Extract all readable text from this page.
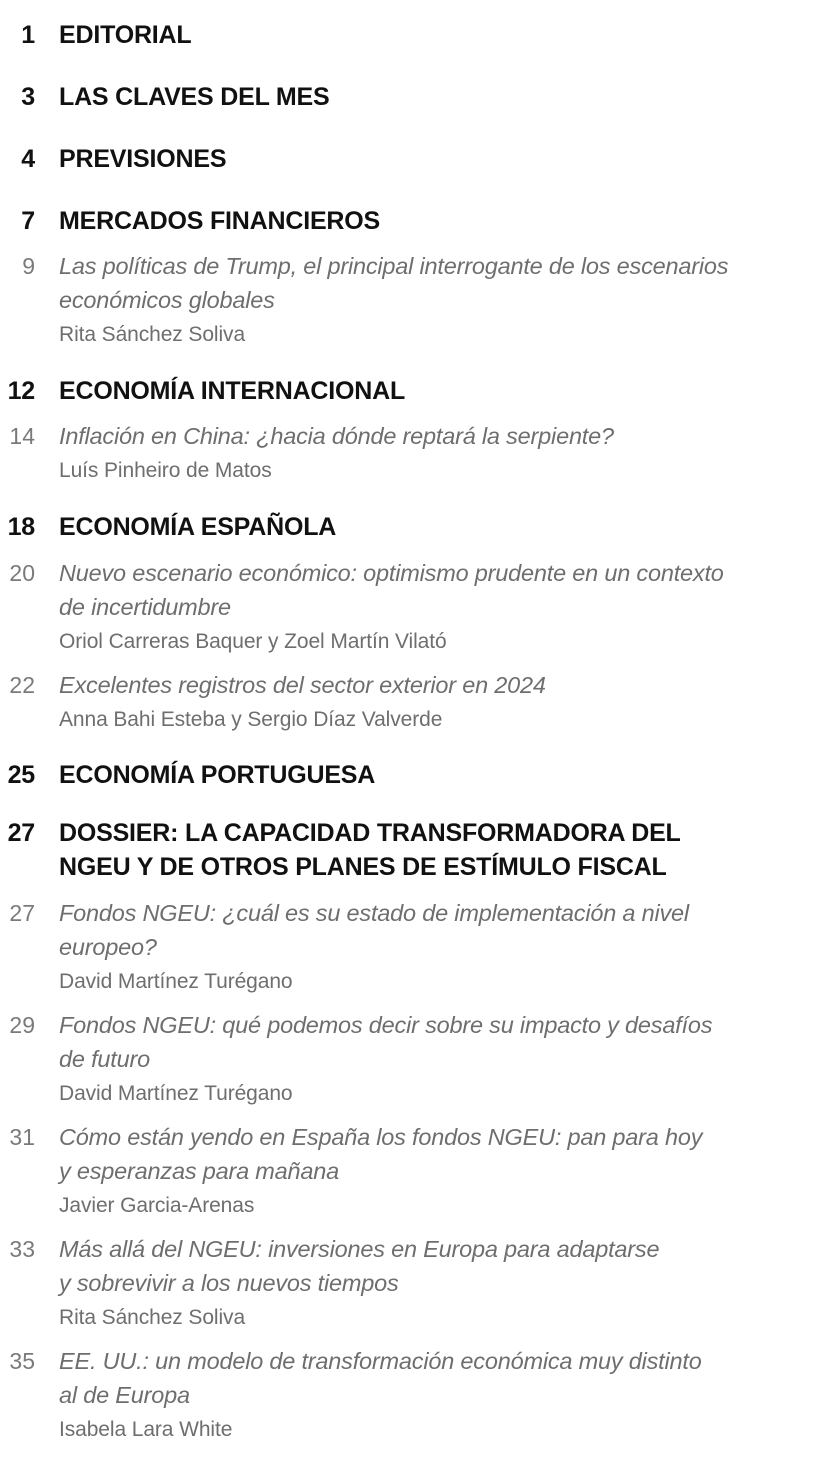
1 EDITORIAL
3 LAS CLAVES DEL MES
4 PREVISIONES
7 MERCADOS FINANCIEROS
9 Las políticas de Trump, el principal interrogante de los escenarios
económicos globales
Rita Sánchez Soliva
12 ECONOMÍA INTERNACIONAL
14 Inflación en China: ¿hacia dónde reptará la serpiente?
Luís Pinheiro de Matos
18 ECONOMÍA ESPAÑOLA
20 Nuevo escenario económico: optimismo prudente en un contexto
de incertidumbre
Oriol Carreras Baquer y Zoel Martín Vilató
22 Excelentes registros del sector exterior en 2024
Anna Bahi Esteba y Sergio Díaz Valverde
25 ECONOMÍA PORTUGUESA
27 DOSSIER: LA CAPACIDAD TRANSFORMADORA DEL
NGEU Y DE OTROS PLANES DE ESTÍMULO FISCAL
27 Fondos NGEU: ¿cuál es su estado de implementación a nivel
europeo?
David Martínez Turégano
29 Fondos NGEU: qué podemos decir sobre su impacto y desafíos
de futuro
David Martínez Turégano
31 Cómo están yendo en España los fondos NGEU: pan para hoy
y esperanzas para mañana
Javier Garcia-Arenas
33 Más allá del NGEU: inversiones en Europa para adaptarse
y sobrevivir a los nuevos tiempos
Rita Sánchez Soliva
35 EE. UU.: un modelo de transformación económica muy distinto
al de Europa
Isabela Lara White
